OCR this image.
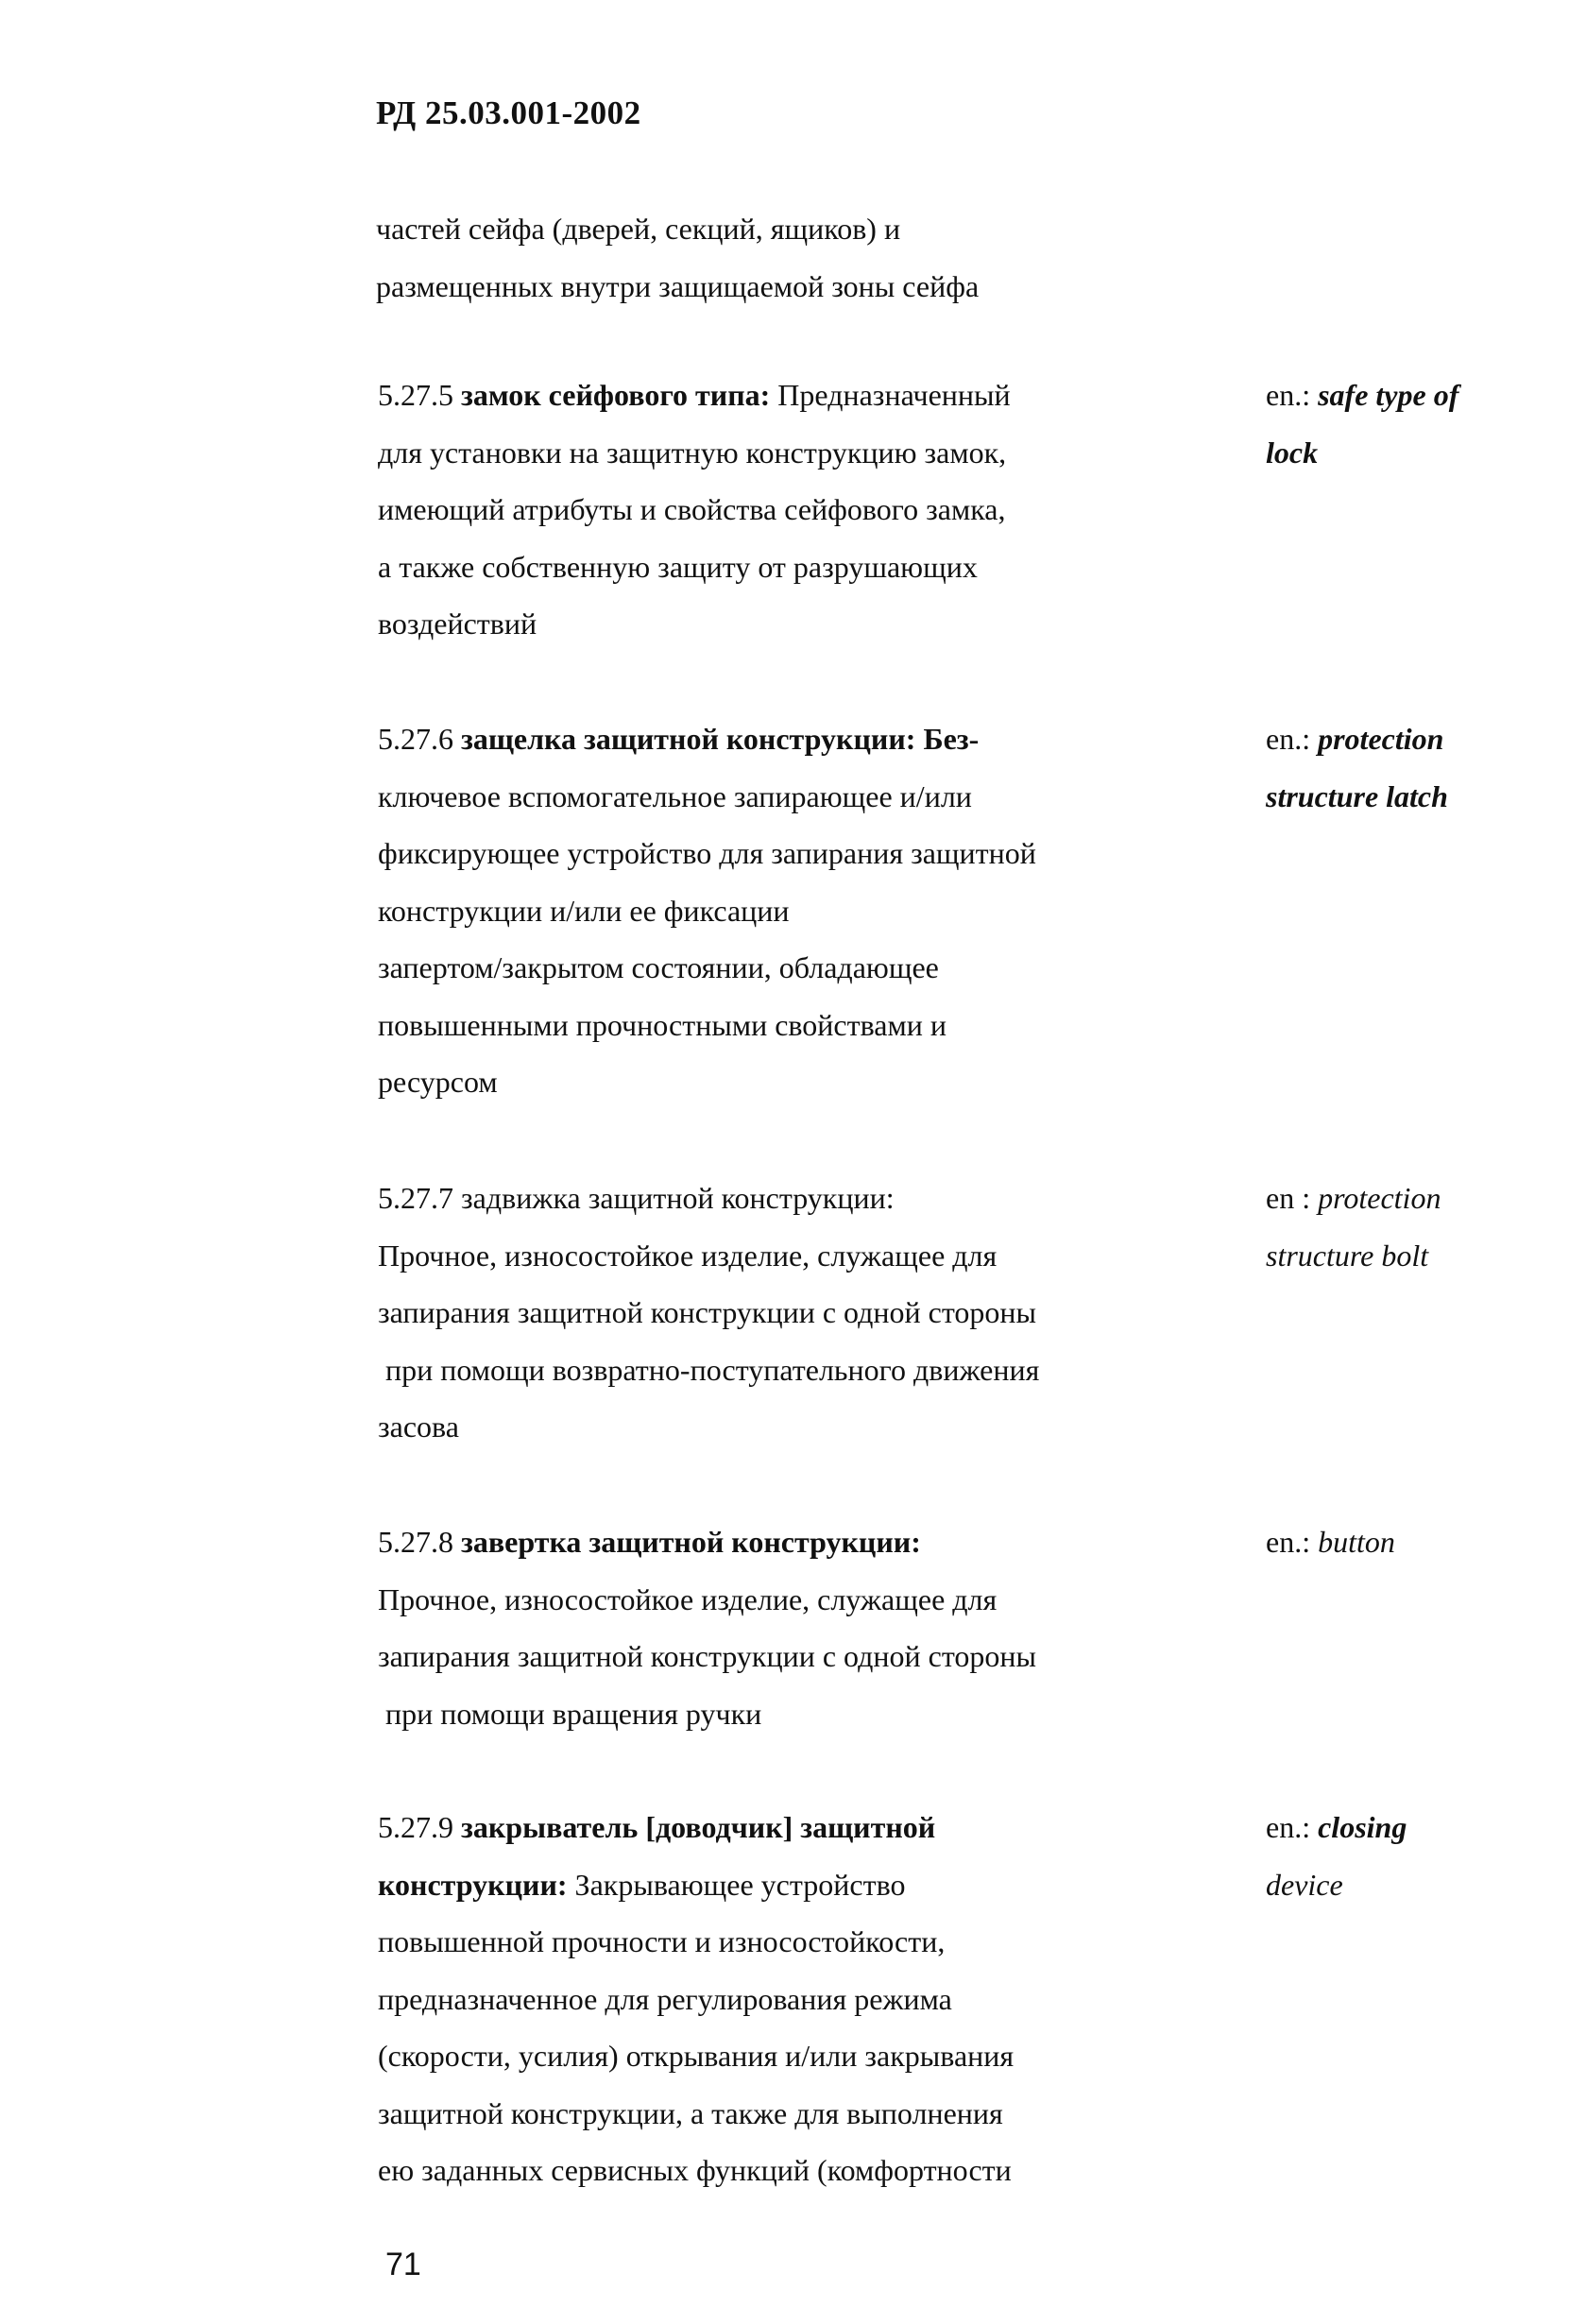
РД 25.03.001-2002
частей сейфа (дверей, секций, ящиков) и
размещенных внутри защищаемой зоны сейфа
5.27.5 замок сейфового типа: Предназначенный
для установки на защитную конструкцию замок,
имеющий атрибуты и свойства сейфового замка,
а также собственную защиту от разрушающих
воздействий
en.: safe type of
lock
5.27.6 защелка защитной конструкции: Без-
ключевое вспомогательное запирающее и/или
фиксирующее устройство для запирания защитной
конструкции и/или ее фиксации
запертом/закрытом состоянии, обладающее
повышенными прочностными свойствами и
ресурсом
en.: protection
structure latch
5.27.7 задвижка защитной конструкции:
Прочное, износостойкое изделие, служащее для
запирания защитной конструкции с одной стороны
при помощи возвратно-поступательного движения
засова
en : protection
structure bolt
5.27.8 завертка защитной конструкции:
Прочное, износостойкое изделие, служащее для
запирания защитной конструкции с одной стороны
при помощи вращения ручки
en.: button
5.27.9 закрыватель [доводчик] защитной
конструкции: Закрывающее устройство
повышенной прочности и износостойкости,
предназначенное для регулирования режима
(скорости, усилия) открывания и/или закрывания
защитной конструкции, а также для выполнения
ею заданных сервисных функций (комфортности
en.: closing
device
71
